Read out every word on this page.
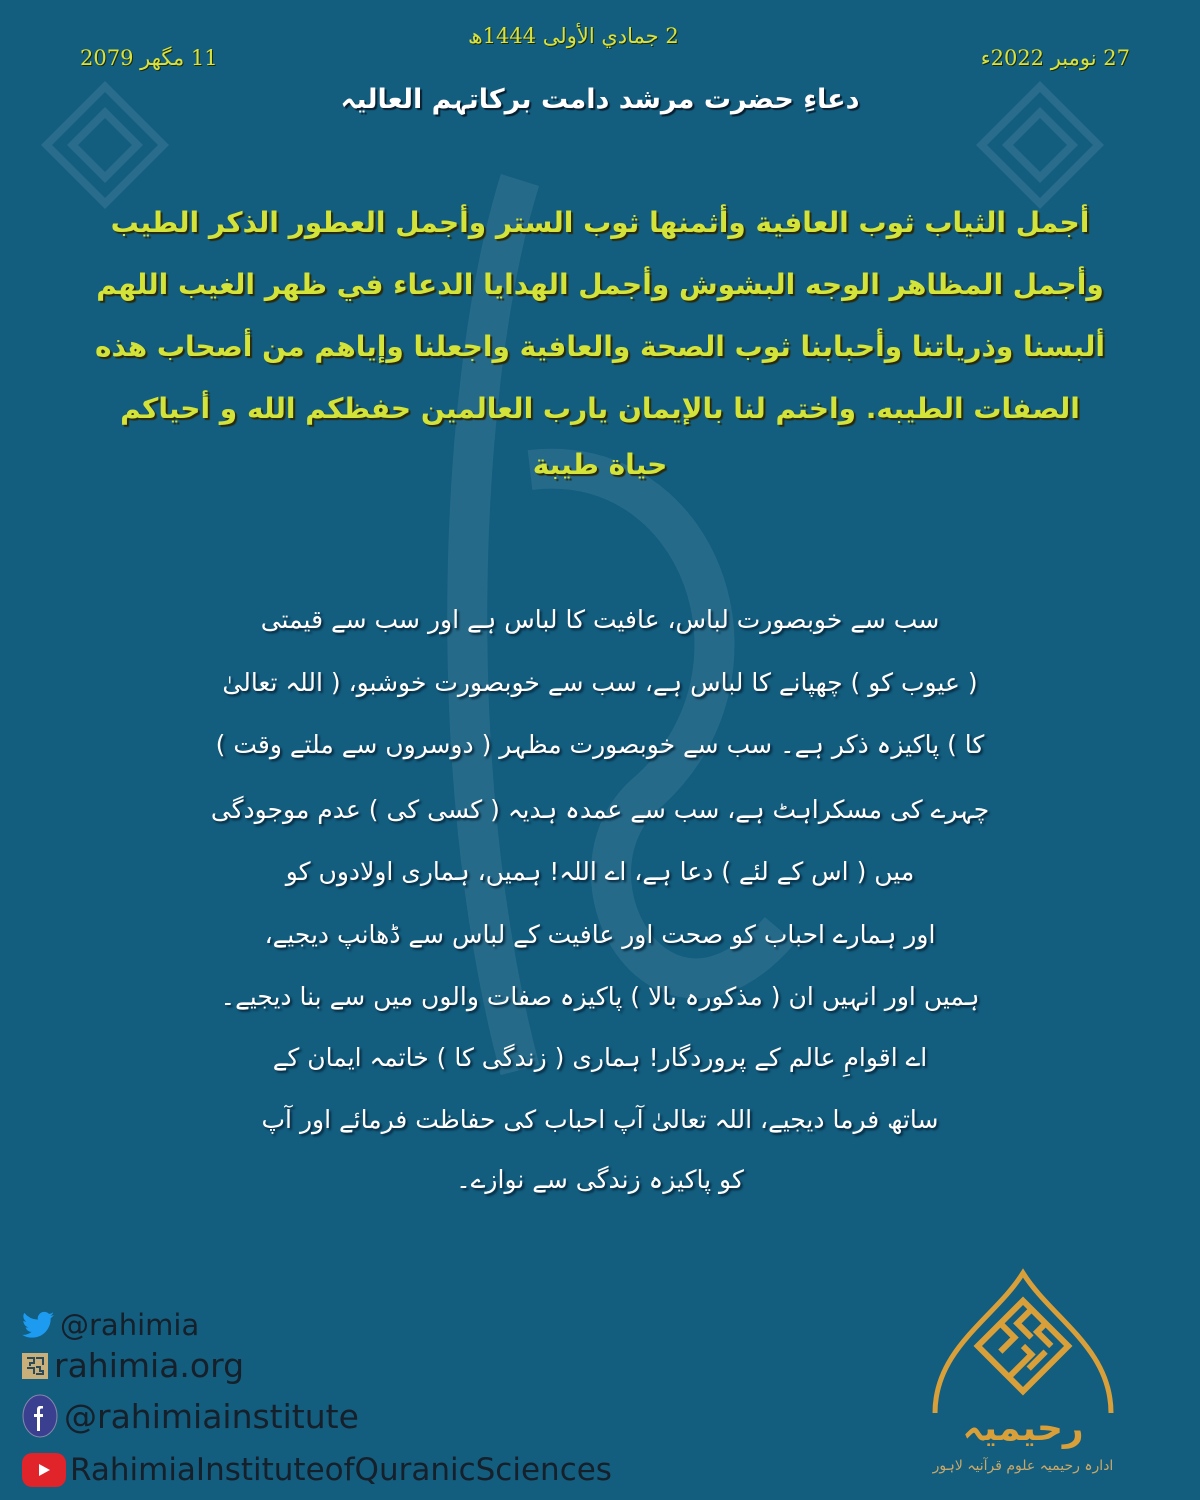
2 جمادي الأولى 1444ھ
27 نومبر 2022ء
11 مگھر 2079
دعاءِ حضرت مرشد دامت برکاتہم العالیہ
أجمل الثياب ثوب العافية وأثمنها ثوب الستر وأجمل العطور الذكر الطيب
وأجمل المظاهر الوجه البشوش وأجمل الهدايا الدعاء في ظهر الغيب اللهم
ألبسنا وذرياتنا وأحبابنا ثوب الصحة والعافية واجعلنا وإياهم من أصحاب هذه
الصفات الطيبه. واختم لنا بالإيمان يارب العالمين حفظكم الله و أحياكم
حياة طيبة
سب سے خوبصورت لباس، عافیت کا لباس ہے اور سب سے قیمتی
( عیوب کو ) چھپانے کا لباس ہے، سب سے خوبصورت خوشبو، ( اللہ تعالیٰ
کا ) پاکیزہ ذکر ہے۔ سب سے خوبصورت مظہر ( دوسروں سے ملتے وقت )
چہرے کی مسکراہٹ ہے، سب سے عمدہ ہدیہ ( کسی کی ) عدم موجودگی
میں ( اس کے لئے ) دعا ہے، اے اللہ! ہمیں، ہماری اولادوں کو
اور ہمارے احباب کو صحت اور عافیت کے لباس سے ڈھانپ دیجیے،
ہمیں اور انہیں ان ( مذکورہ بالا ) پاکیزہ صفات والوں میں سے بنا دیجیے۔
اے اقوامِ عالم کے پروردگار! ہماری ( زندگی کا ) خاتمہ ایمان کے
ساتھ فرما دیجیے، اللہ تعالیٰ آپ احباب کی حفاظت فرمائے اور آپ
کو پاکیزہ زندگی سے نوازے۔
@rahimia
rahimia.org
@rahimiainstitute
RahimiaInstituteofQuranicSciences
رحیمیہ
ادارہ رحیمیہ علوم قرآنیہ لاہور
